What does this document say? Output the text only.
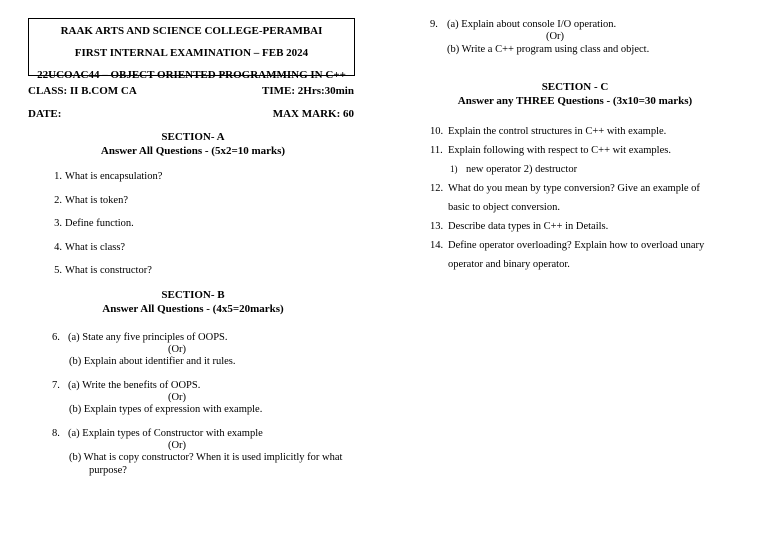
RAAK ARTS AND SCIENCE COLLEGE-PERAMBAI
FIRST INTERNAL EXAMINATION – FEB 2024
22UCOAC44 – OBJECT ORIENTED PROGRAMMING IN C++
CLASS: II B.COM CA	TIME: 2Hrs:30min
DATE:	MAX MARK: 60
SECTION- A
Answer All Questions - (5x2=10 marks)
1. What is encapsulation?
2. What is token?
3. Define function.
4. What is class?
5. What is constructor?
SECTION- B
Answer All Questions - (4x5=20marks)
6. (a) State any five principles of OOPS.
(Or)
(b) Explain about identifier and it rules.
7. (a) Write the benefits of OOPS.
(Or)
(b) Explain types of expression with example.
8. (a) Explain types of Constructor with example
(Or)
(b) What is copy constructor? When it is used implicitly for what
purpose?
9. (a) Explain about console I/O operation.
(Or)
(b) Write a C++ program using class and object.
SECTION - C
Answer any THREE Questions - (3x10=30 marks)
10. Explain the control structures in C++ with example.
11. Explain following with respect to C++ wit examples.
1) new operator 2) destructor
12. What do you mean by type conversion? Give an example of
basic to object conversion.
13. Describe data types in C++ in Details.
14. Define operator overloading? Explain how to overload unary
operator and binary operator.
